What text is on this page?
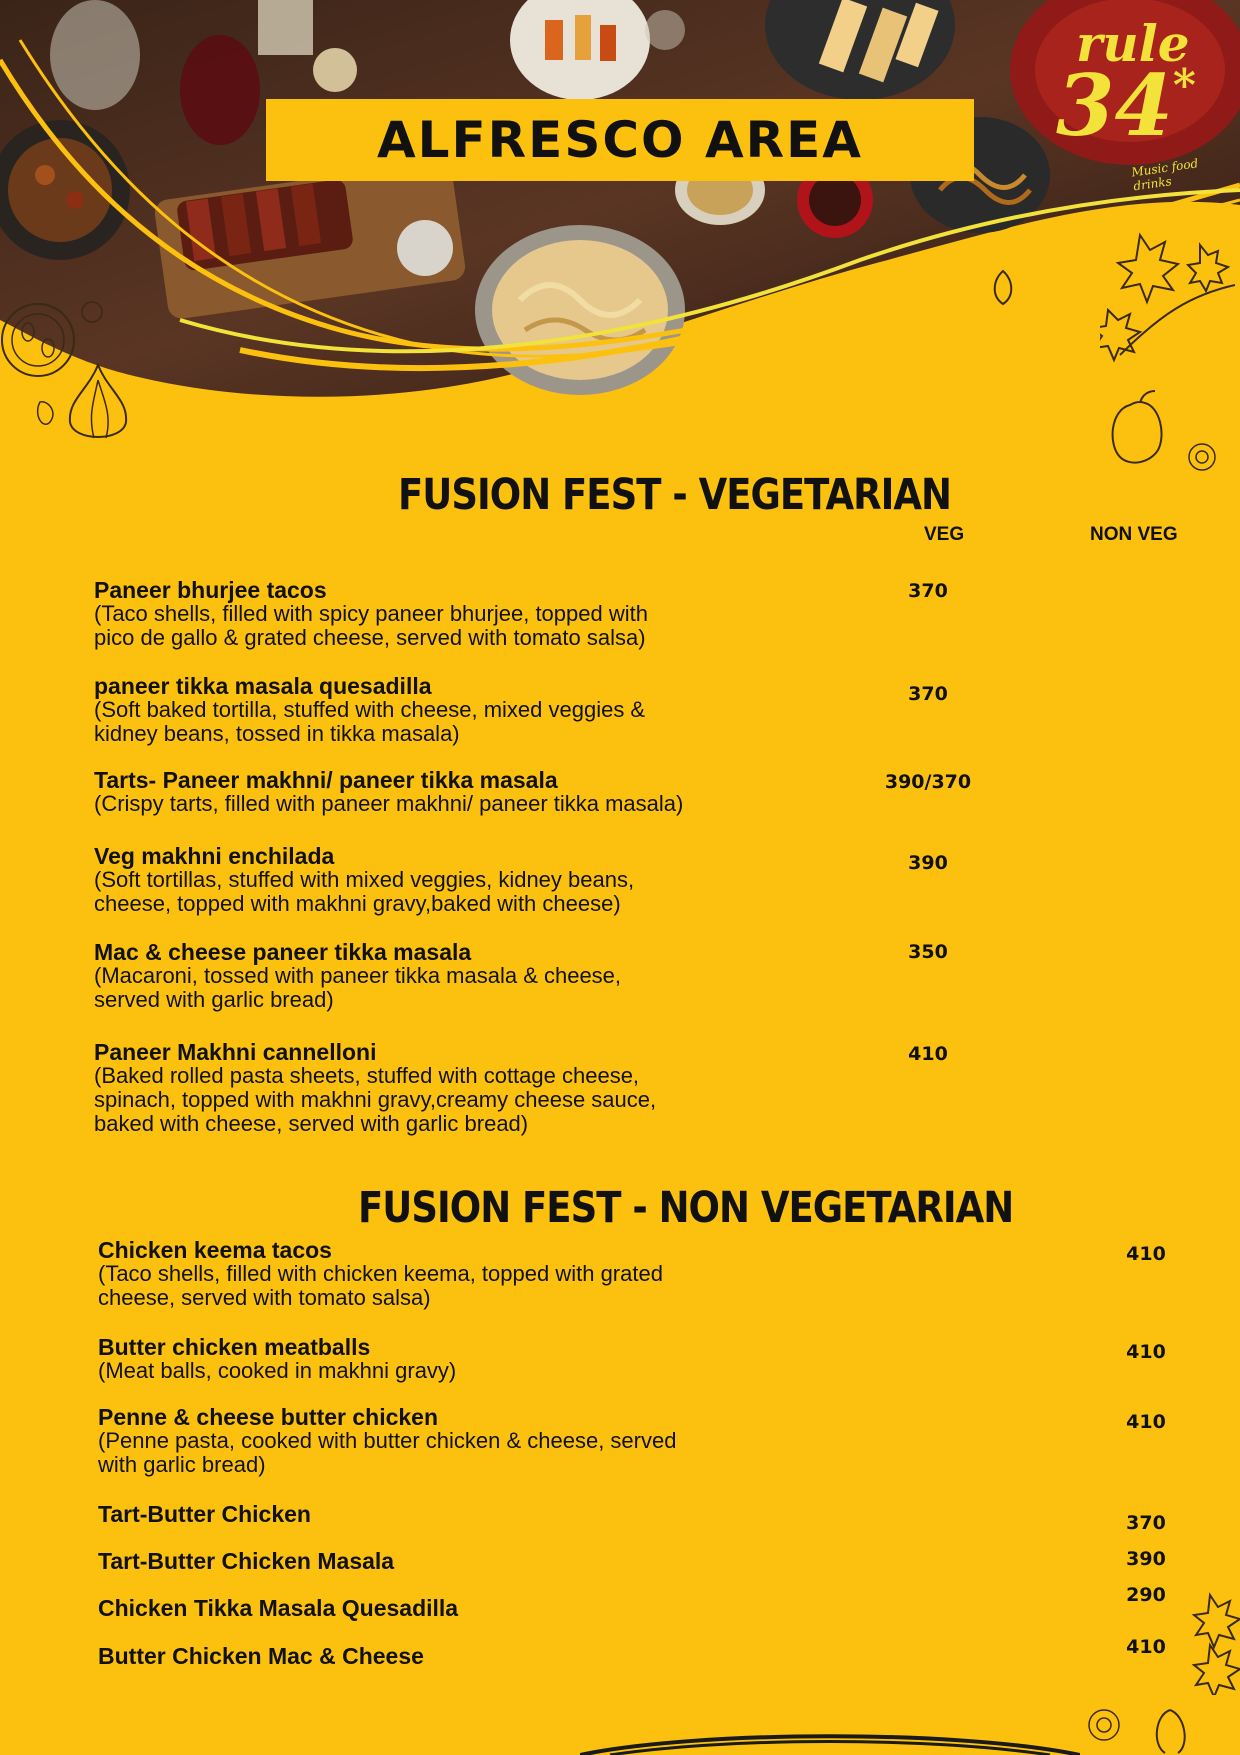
ALFRESCO AREA
rule
34*
Music food drinks
FUSION FEST - VEGETARIAN
VEG	NON VEG
FUSION FEST - NON VEGETARIAN
Paneer bhurjee tacos
(Taco shells, filled with spicy paneer bhurjee, topped with
pico de gallo & grated cheese, served with tomato salsa)
370
paneer tikka masala quesadilla
(Soft baked tortilla, stuffed with cheese, mixed veggies &
kidney beans, tossed in tikka masala)
370
Tarts- Paneer makhni/ paneer tikka masala
(Crispy tarts, filled with paneer makhni/ paneer tikka masala)
390/370
Veg makhni enchilada
(Soft tortillas, stuffed with mixed veggies, kidney beans,
cheese, topped with makhni gravy,baked with cheese)
390
Mac & cheese paneer tikka masala
(Macaroni, tossed with paneer tikka masala & cheese,
served with garlic bread)
350
Paneer Makhni cannelloni
(Baked rolled pasta sheets, stuffed with cottage cheese,
spinach, topped with makhni gravy,creamy cheese sauce,
baked with cheese, served with garlic bread)
410
Chicken keema tacos
(Taco shells, filled with chicken keema, topped with grated
cheese, served with tomato salsa)
410
Butter chicken meatballs
(Meat balls, cooked in makhni gravy)
410
Penne & cheese butter chicken
(Penne pasta, cooked with butter chicken & cheese, served
with garlic bread)
410
Tart-Butter Chicken	370
Tart-Butter Chicken Masala	390
Chicken Tikka Masala Quesadilla	290
Butter Chicken Mac & Cheese	410
